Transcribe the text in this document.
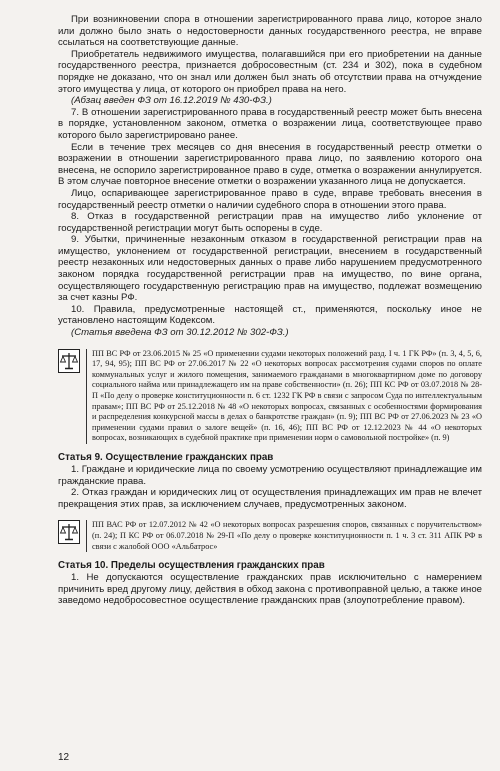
При возникновении спора в отношении зарегистрированного права лицо, которое знало или должно было знать о недостоверности данных государственного реестра, не вправе ссылаться на соответствующие данные.

Приобретатель недвижимого имущества, полагавшийся при его приобретении на данные государственного реестра, признается добросовестным (ст. 234 и 302), пока в судебном порядке не доказано, что он знал или должен был знать об отсутствии права на отчуждение этого имущества у лица, от которого он приобрел права на него.

(Абзац введен ФЗ от 16.12.2019 № 430-ФЗ.)

7. В отношении зарегистрированного права в государственный реестр может быть внесена в порядке, установленном законом, отметка о возражении лица, соответствующее право которого было зарегистрировано ранее.

Если в течение трех месяцев со дня внесения в государственный реестр отметки о возражении в отношении зарегистрированного права лицо, по заявлению которого она внесена, не оспорило зарегистрированное право в суде, отметка о возражении аннулируется. В этом случае повторное внесение отметки о возражении указанного лица не допускается.

Лицо, оспаривающее зарегистрированное право в суде, вправе требовать внесения в государственный реестр отметки о наличии судебного спора в отношении этого права.

8. Отказ в государственной регистрации прав на имущество либо уклонение от государственной регистрации могут быть оспорены в суде.

9. Убытки, причиненные незаконным отказом в государственной регистрации прав на имущество, уклонением от государственной регистрации, внесением в государственный реестр незаконных или недостоверных данных о праве либо нарушением предусмотренного законом порядка государственной регистрации прав на имущество, по вине органа, осуществляющего государственную регистрацию прав на имущество, подлежат возмещению за счет казны РФ.

10. Правила, предусмотренные настоящей ст., применяются, поскольку иное не установлено настоящим Кодексом.

(Статья введена ФЗ от 30.12.2012 № 302-ФЗ.)

ПП ВС РФ от 23.06.2015 № 25 «О применении судами некоторых положений разд. I ч. 1 ГК РФ» (п. 3, 4, 5, 6, 17, 94, 95); ПП ВС РФ от 27.06.2017 № 22 «О некоторых вопросах рассмотрения судами споров по оплате коммунальных услуг и жилого помещения, занимаемого гражданами в многоквартирном доме по договору социального найма или принадлежащего им на праве собственности» (п. 26); ПП КС РФ от 03.07.2018 № 28-П «По делу о проверке конституционности п. 6 ст. 1232 ГК РФ в связи с запросом Суда по интеллектуальным правам»; ПП ВС РФ от 25.12.2018 № 48 «О некоторых вопросах, связанных с особенностями формирования и распределения конкурсной массы в делах о банкротстве граждан» (п. 9); ПП ВС РФ от 27.06.2023 № 23 «О применении судами правил о залоге вещей» (п. 16, 46); ПП ВС РФ от 12.12.2023 № 44 «О некоторых вопросах, возникающих в судебной практике при применении норм о самовольной постройке» (п. 9)

Статья 9. Осуществление гражданских прав

1. Граждане и юридические лица по своему усмотрению осуществляют принадлежащие им гражданские права.

2. Отказ граждан и юридических лиц от осуществления принадлежащих им прав не влечет прекращения этих прав, за исключением случаев, предусмотренных законом.

ПП ВАС РФ от 12.07.2012 № 42 «О некоторых вопросах разрешения споров, связанных с поручительством» (п. 24); П КС РФ от 06.07.2018 № 29-П «По делу о проверке конституционности п. 1 ч. 3 ст. 311 АПК РФ в связи с жалобой ООО «Альбатрос»

Статья 10. Пределы осуществления гражданских прав

1. Не допускаются осуществление гражданских прав исключительно с намерением причинить вред другому лицу, действия в обход закона с противоправной целью, а также иное заведомо недобросовестное осуществление гражданских прав (злоупотребление правом).

12
